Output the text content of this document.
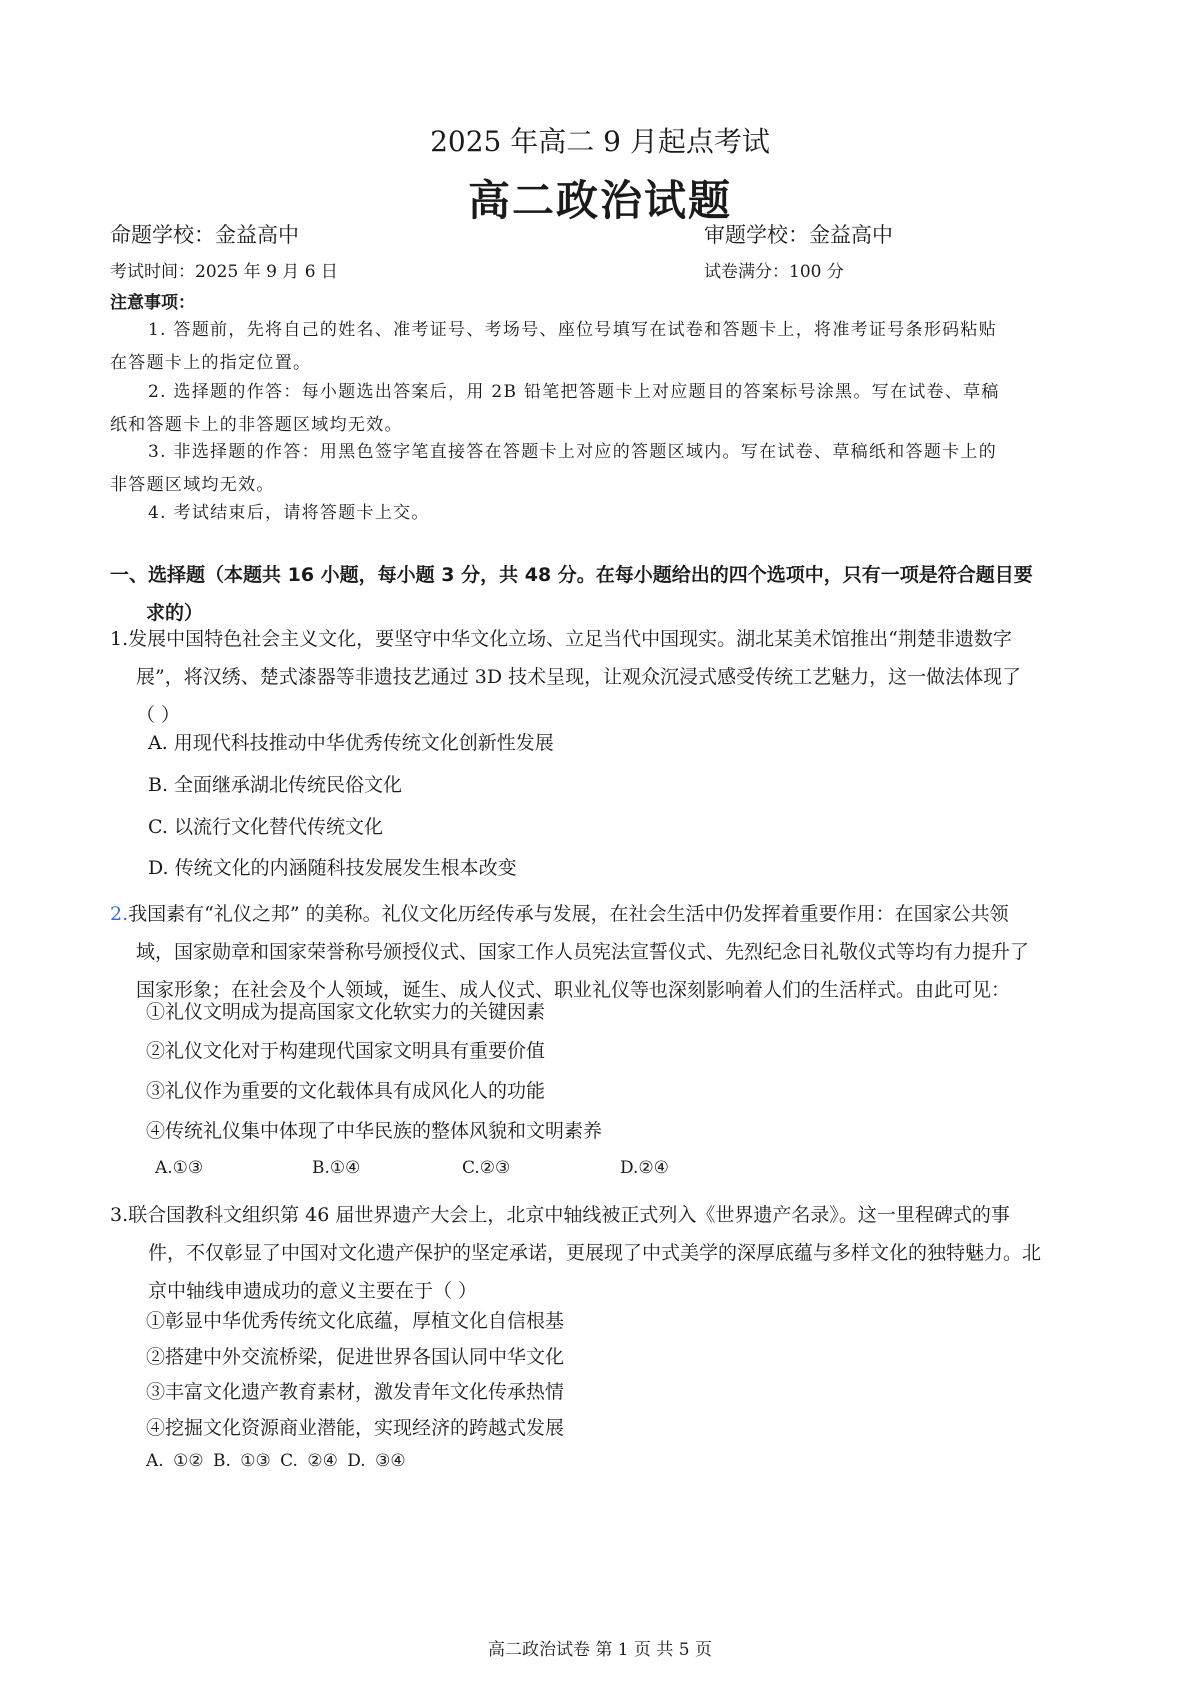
2025 年高二 9 月起点考试
高二政治试题
命题学校：金益高中	审题学校：金益高中
考试时间：2025 年 9 月 6 日	试卷满分：100 分
注意事项：
1. 答题前，先将自己的姓名、准考证号、考场号、座位号填写在试卷和答题卡上，将准考证号条形码粘贴在答题卡上的指定位置。
2. 选择题的作答：每小题选出答案后，用 2B 铅笔把答题卡上对应题目的答案标号涂黑。写在试卷、草稿纸和答题卡上的非答题区域均无效。
3. 非选择题的作答：用黑色签字笔直接答在答题卡上对应的答题区域内。写在试卷、草稿纸和答题卡上的非答题区域均无效。
4. 考试结束后，请将答题卡上交。
一、选择题（本题共 16 小题，每小题 3 分，共 48 分。在每小题给出的四个选项中，只有一项是符合题目要求的）
1.发展中国特色社会主义文化，要坚守中华文化立场、立足当代中国现实。湖北某美术馆推出“荆楚非遗数字展”，将汉绣、楚式漆器等非遗技艺通过 3D 技术呈现，让观众沉浸式感受传统工艺魅力，这一做法体现了（ ）
A. 用现代科技推动中华优秀传统文化创新性发展
B. 全面继承湖北传统民俗文化
C. 以流行文化替代传统文化
D. 传统文化的内涵随科技发展发生根本改变
2.我国素有“礼仪之邦” 的美称。礼仪文化历经传承与发展，在社会生活中仍发挥着重要作用：在国家公共领域，国家勋章和国家荣誉称号颁授仪式、国家工作人员宪法宣誓仪式、先烈纪念日礼敬仪式等均有力提升了国家形象；在社会及个人领域，诞生、成人仪式、职业礼仪等也深刻影响着人们的生活样式。由此可见：
①礼仪文明成为提高国家文化软实力的关键因素
②礼仪文化对于构建现代国家文明具有重要价值
③礼仪作为重要的文化载体具有成风化人的功能
④传统礼仪集中体现了中华民族的整体风貌和文明素养
A.①③	B.①④	C.②③	D.②④
3.联合国教科文组织第 46 届世界遗产大会上，北京中轴线被正式列入《世界遗产名录》。这一里程碑式的事件，不仅彰显了中国对文化遗产保护的坚定承诺，更展现了中式美学的深厚底蕴与多样文化的独特魅力。北京中轴线申遗成功的意义主要在于（ ）
①彰显中华优秀传统文化底蕴，厚植文化自信根基
②搭建中外交流桥梁，促进世界各国认同中华文化
③丰富文化遗产教育素材，激发青年文化传承热情
④挖掘文化资源商业潜能，实现经济的跨越式发展
A. ①② B. ①③ C. ②④ D. ③④
高二政治试卷 第 1 页 共 5 页
